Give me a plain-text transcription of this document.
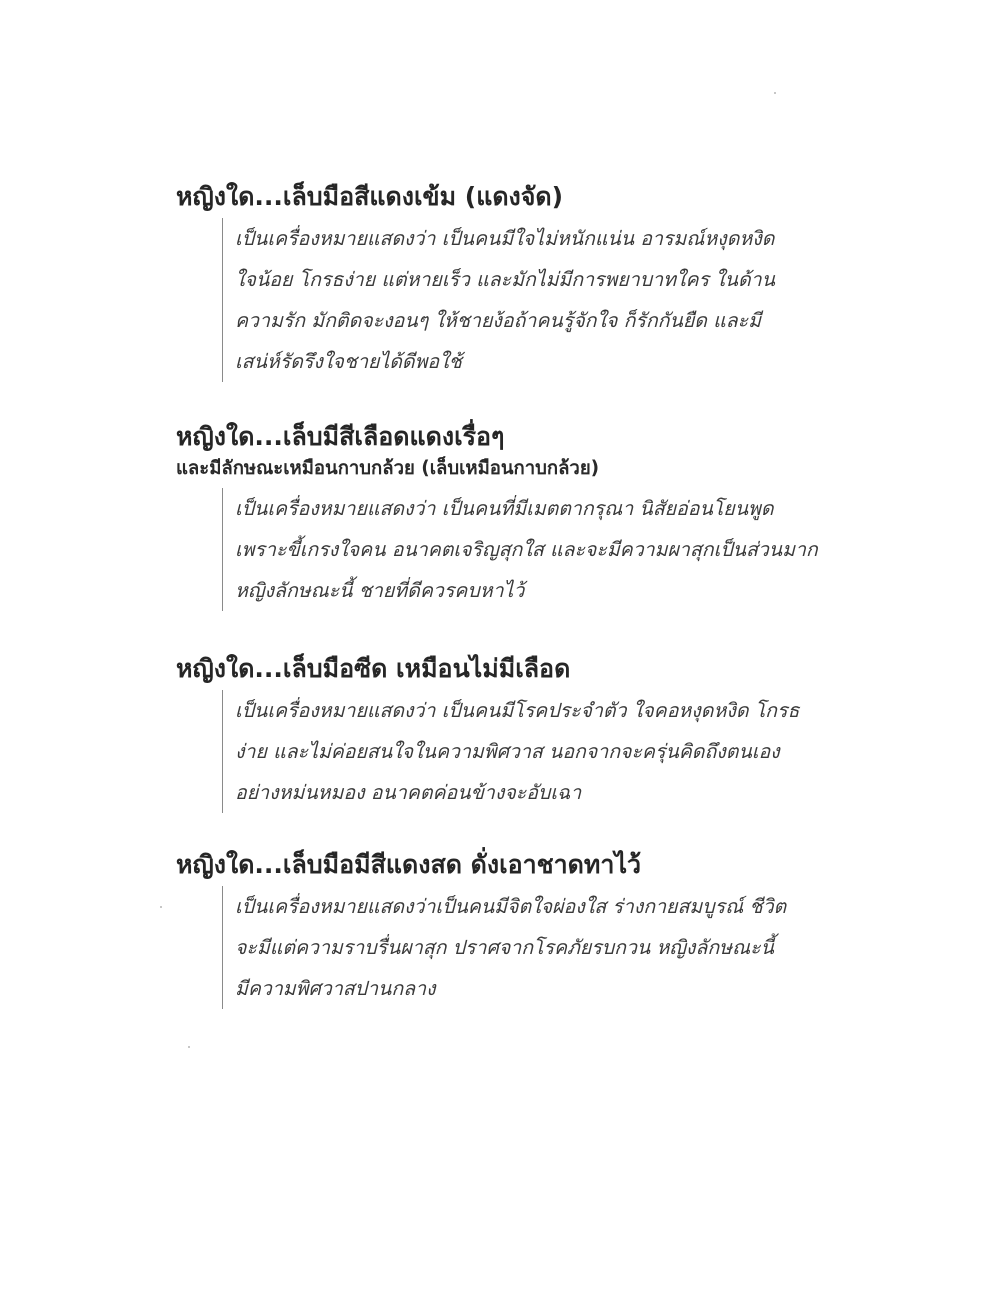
หญิงใด...เล็บมือสีแดงเข้ม (แดงจัด)
เป็นเครื่องหมายแสดงว่า เป็นคนมีใจไม่หนักแน่น อารมณ์หงุดหงิด
ใจน้อย โกรธง่าย แต่หายเร็ว และมักไม่มีการพยาบาทใคร ในด้าน
ความรัก มักติดจะงอนๆ ให้ชายง้อถ้าคนรู้จักใจ ก็รักกันยืด และมี
เสน่ห์รัดรึงใจชายได้ดีพอใช้
หญิงใด...เล็บมีสีเลือดแดงเรื่อๆ
และมีลักษณะเหมือนกาบกล้วย (เล็บเหมือนกาบกล้วย)
เป็นเครื่องหมายแสดงว่า เป็นคนที่มีเมตตากรุณา นิสัยอ่อนโยนพูด
เพราะขี้เกรงใจคน อนาคตเจริญสุกใส และจะมีความผาสุกเป็นส่วนมาก
หญิงลักษณะนี้ ชายที่ดีควรคบหาไว้
หญิงใด...เล็บมือซีด เหมือนไม่มีเลือด
เป็นเครื่องหมายแสดงว่า เป็นคนมีโรคประจำตัว ใจคอหงุดหงิด โกรธ
ง่าย และไม่ค่อยสนใจในความพิศวาส นอกจากจะครุ่นคิดถึงตนเอง
อย่างหม่นหมอง อนาคตค่อนข้างจะอับเฉา
หญิงใด...เล็บมือมีสีแดงสด ดั่งเอาชาดทาไว้
เป็นเครื่องหมายแสดงว่าเป็นคนมีจิตใจผ่องใส ร่างกายสมบูรณ์ ชีวิต
จะมีแต่ความราบรื่นผาสุก ปราศจากโรคภัยรบกวน หญิงลักษณะนี้
มีความพิศวาสปานกลาง
